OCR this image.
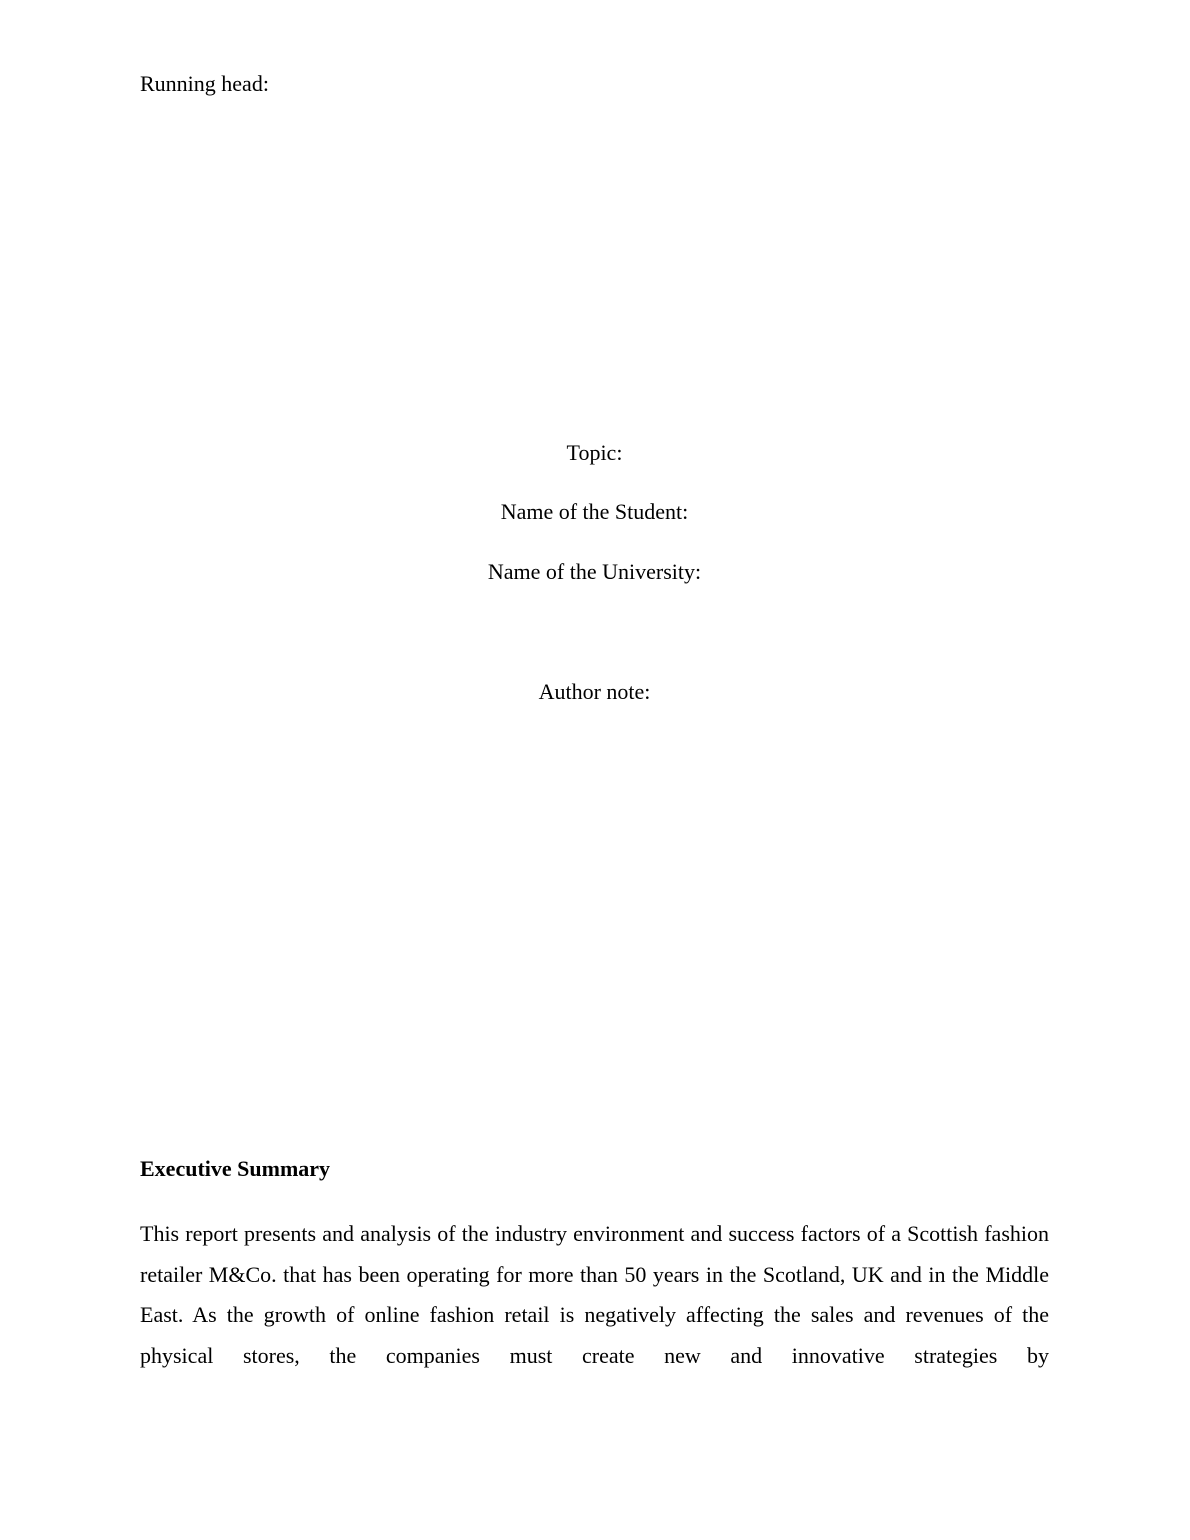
Running head:
Topic:
Name of the Student:
Name of the University:
Author note:
Executive Summary
This report presents and analysis of the industry environment and success factors of a Scottish fashion retailer M&Co. that has been operating for more than 50 years in the Scotland, UK and in the Middle East. As the growth of online fashion retail is negatively affecting the sales and revenues of the physical stores, the companies must create new and innovative strategies by
